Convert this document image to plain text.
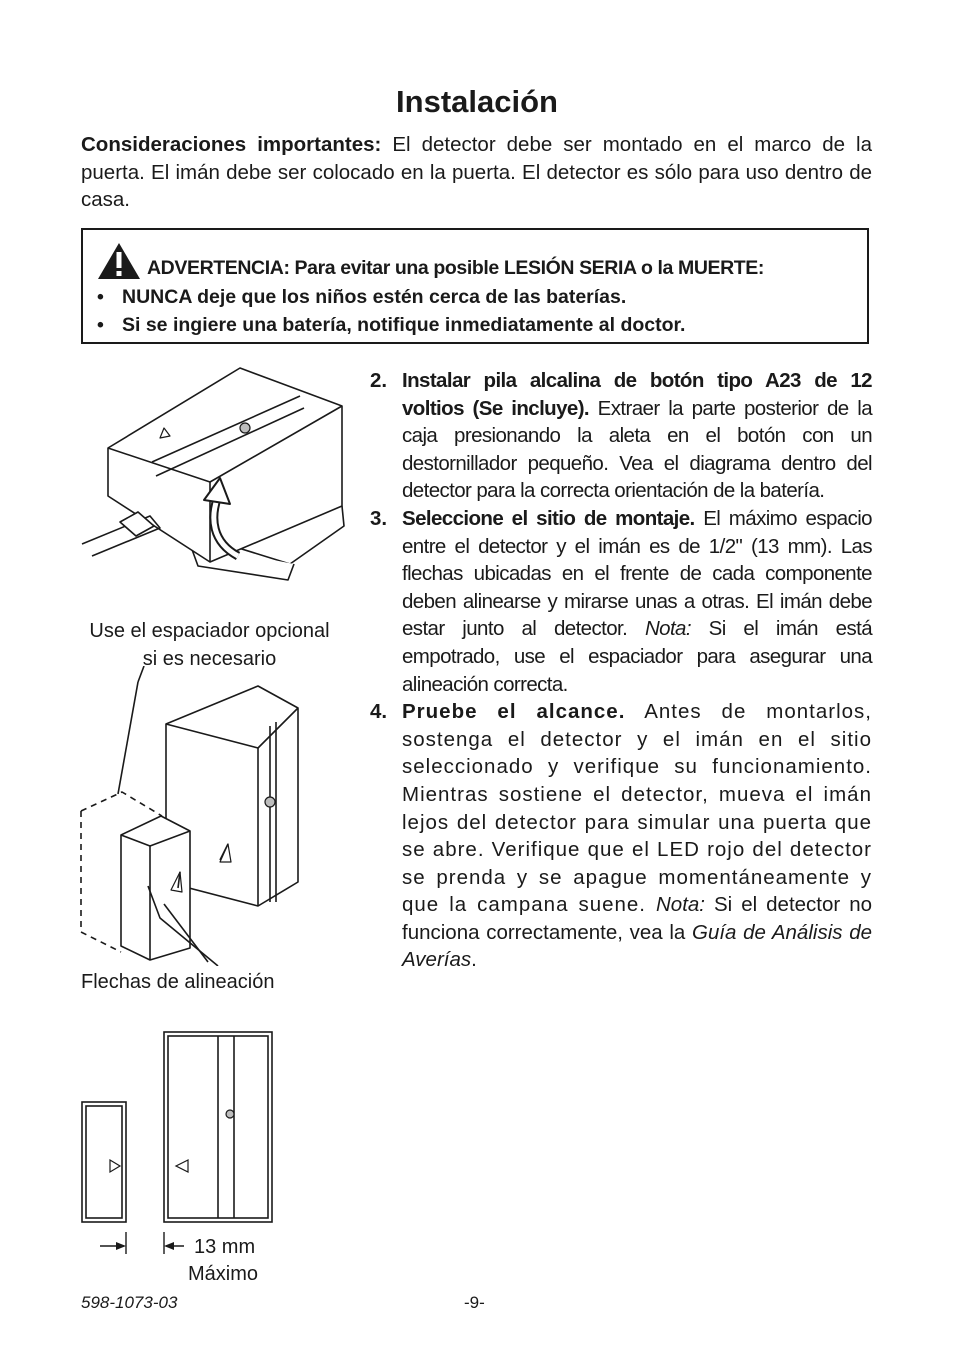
Instalación

Consideraciones importantes: El detector debe ser montado en el marco de la puerta. El imán debe ser colocado en la puerta. El detector es sólo para uso dentro de casa.

ADVERTENCIA: Para evitar una posible LESIÓN SERIA o la MUERTE:
• NUNCA deje que los niños estén cerca de las baterías.
• Si se ingiere una batería, notifique inmediatamente al doctor.
2. Instalar pila alcalina de botón tipo A23 de 12 voltios (Se incluye). Extraer la parte posterior de la caja presionando la aleta en el botón con un destornillador pequeño. Vea el diagrama dentro del detector para la correcta orientación de la batería.
3. Seleccione el sitio de montaje. El máximo espacio entre el detector y el imán es de 1/2" (13 mm). Las flechas ubicadas en el frente de cada componente deben alinearse y mirarse unas a otras. El imán debe estar junto al detector. Nota: Si el imán está empotrado, use el espaciador para asegurar una alineación correcta.
4. Pruebe el alcance. Antes de montarlos, sostenga el detector y el imán en el sitio seleccionado y verifique su funcionamiento. Mientras sostiene el detector, mueva el imán lejos del detector para simular una puerta que se abre. Verifique que el LED rojo del detector se prenda y se apague momentáneamente y que la campana suene. Nota: Si el detector no funciona correctamente, vea la Guía de Análisis de Averías.
Use el espaciador opcional si es necesario
Flechas de alineación
13 mm
Máximo
598-1073-03	-9-
